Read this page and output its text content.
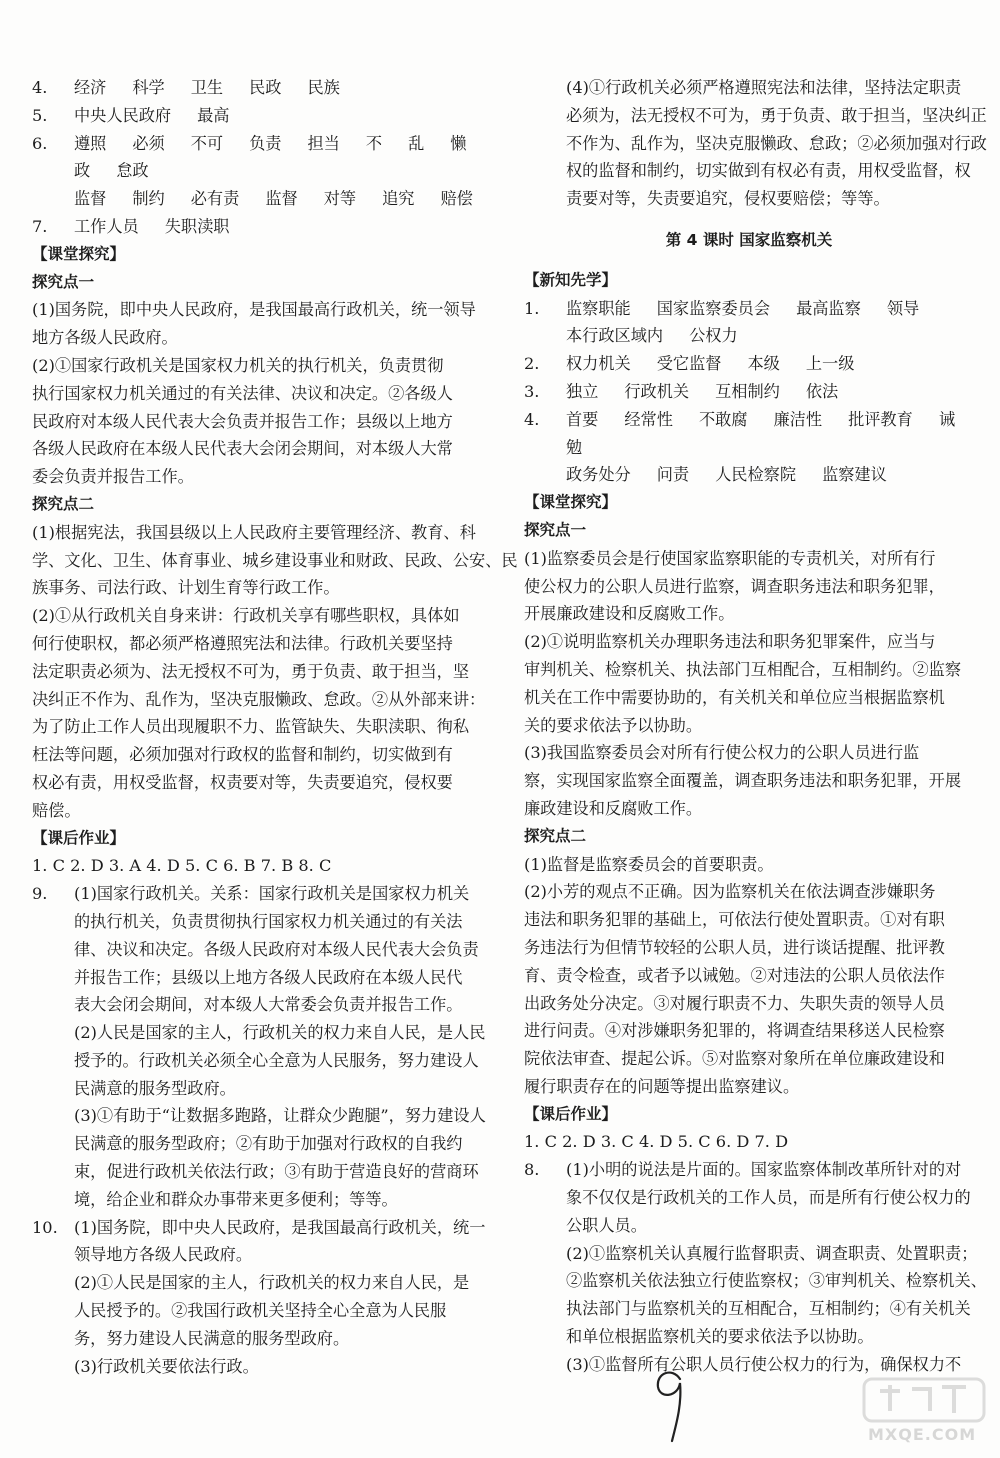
4.	经济 科学 卫生 民政 民族
5.	中央人民政府 最高
6.	遵照 必须 不可 负责 担当 不 乱 懒政 怠政
监督 制约 必有责 监督 对等 追究 赔偿
7.	工作人员 失职渎职
【课堂探究】
探究点一
(1)国务院，即中央人民政府，是我国最高行政机关，统一领导
地方各级人民政府。
(2)①国家行政机关是国家权力机关的执行机关，负责贯彻
执行国家权力机关通过的有关法律、决议和决定。②各级人
民政府对本级人民代表大会负责并报告工作；县级以上地方
各级人民政府在本级人民代表大会闭会期间，对本级人大常
委会负责并报告工作。
探究点二
(1)根据宪法，我国县级以上人民政府主要管理经济、教育、科
学、文化、卫生、体育事业、城乡建设事业和财政、民政、公安、民
族事务、司法行政、计划生育等行政工作。
(2)①从行政机关自身来讲：行政机关享有哪些职权，具体如
何行使职权，都必须严格遵照宪法和法律。行政机关要坚持
法定职责必须为、法无授权不可为，勇于负责、敢于担当，坚
决纠正不作为、乱作为，坚决克服懒政、怠政。②从外部来讲：
为了防止工作人员出现履职不力、监管缺失、失职渎职、徇私
枉法等问题，必须加强对行政权的监督和制约，切实做到有
权必有责，用权受监督，权责要对等，失责要追究，侵权要
赔偿。
【课后作业】
1. C 2. D 3. A 4. D 5. C 6. B 7. B 8. C
9.	(1)国家行政机关。关系：国家行政机关是国家权力机关
的执行机关，负责贯彻执行国家权力机关通过的有关法
律、决议和决定。各级人民政府对本级人民代表大会负责
并报告工作；县级以上地方各级人民政府在本级人民代
表大会闭会期间，对本级人大常委会负责并报告工作。
(2)人民是国家的主人，行政机关的权力来自人民，是人民
授予的。行政机关必须全心全意为人民服务，努力建设人
民满意的服务型政府。
(3)①有助于“让数据多跑路，让群众少跑腿”，努力建设人
民满意的服务型政府；②有助于加强对行政权的自我约
束，促进行政机关依法行政；③有助于营造良好的营商环
境，给企业和群众办事带来更多便利；等等。
10.	(1)国务院，即中央人民政府，是我国最高行政机关，统一
领导地方各级人民政府。
(2)①人民是国家的主人，行政机关的权力来自人民，是
人民授予的。②我国行政机关坚持全心全意为人民服
务，努力建设人民满意的服务型政府。
(3)行政机关要依法行政。
(4)①行政机关必须严格遵照宪法和法律，坚持法定职责
必须为，法无授权不可为，勇于负责、敢于担当，坚决纠正
不作为、乱作为，坚决克服懒政、怠政；②必须加强对行政
权的监督和制约，切实做到有权必有责，用权受监督，权
责要对等，失责要追究，侵权要赔偿；等等。
第 4 课时 国家监察机关
【新知先学】
1.	监察职能 国家监察委员会 最高监察 领导
本行政区域内 公权力
2.	权力机关 受它监督 本级 上一级
3.	独立 行政机关 互相制约 依法
4.	首要 经常性 不敢腐 廉洁性 批评教育 诫勉
政务处分 问责 人民检察院 监察建议
【课堂探究】
探究点一
(1)监察委员会是行使国家监察职能的专责机关，对所有行
使公权力的公职人员进行监察，调查职务违法和职务犯罪，
开展廉政建设和反腐败工作。
(2)①说明监察机关办理职务违法和职务犯罪案件，应当与
审判机关、检察机关、执法部门互相配合，互相制约。②监察
机关在工作中需要协助的，有关机关和单位应当根据监察机
关的要求依法予以协助。
(3)我国监察委员会对所有行使公权力的公职人员进行监
察，实现国家监察全面覆盖，调查职务违法和职务犯罪，开展
廉政建设和反腐败工作。
探究点二
(1)监督是监察委员会的首要职责。
(2)小芳的观点不正确。因为监察机关在依法调查涉嫌职务
违法和职务犯罪的基础上，可依法行使处置职责。①对有职
务违法行为但情节较轻的公职人员，进行谈话提醒、批评教
育、责令检查，或者予以诫勉。②对违法的公职人员依法作
出政务处分决定。③对履行职责不力、失职失责的领导人员
进行问责。④对涉嫌职务犯罪的，将调查结果移送人民检察
院依法审查、提起公诉。⑤对监察对象所在单位廉政建设和
履行职责存在的问题等提出监察建议。
【课后作业】
1. C 2. D 3. C 4. D 5. C 6. D 7. D
8.	(1)小明的说法是片面的。国家监察体制改革所针对的对
象不仅仅是行政机关的工作人员，而是所有行使公权力的
公职人员。
(2)①监察机关认真履行监督职责、调查职责、处置职责；
②监察机关依法独立行使监察权；③审判机关、检察机关、
执法部门与监察机关的互相配合，互相制约；④有关机关
和单位根据监察机关的要求依法予以协助。
(3)①监督所有公职人员行使公权力的行为，确保权力不
MXQE.COM
